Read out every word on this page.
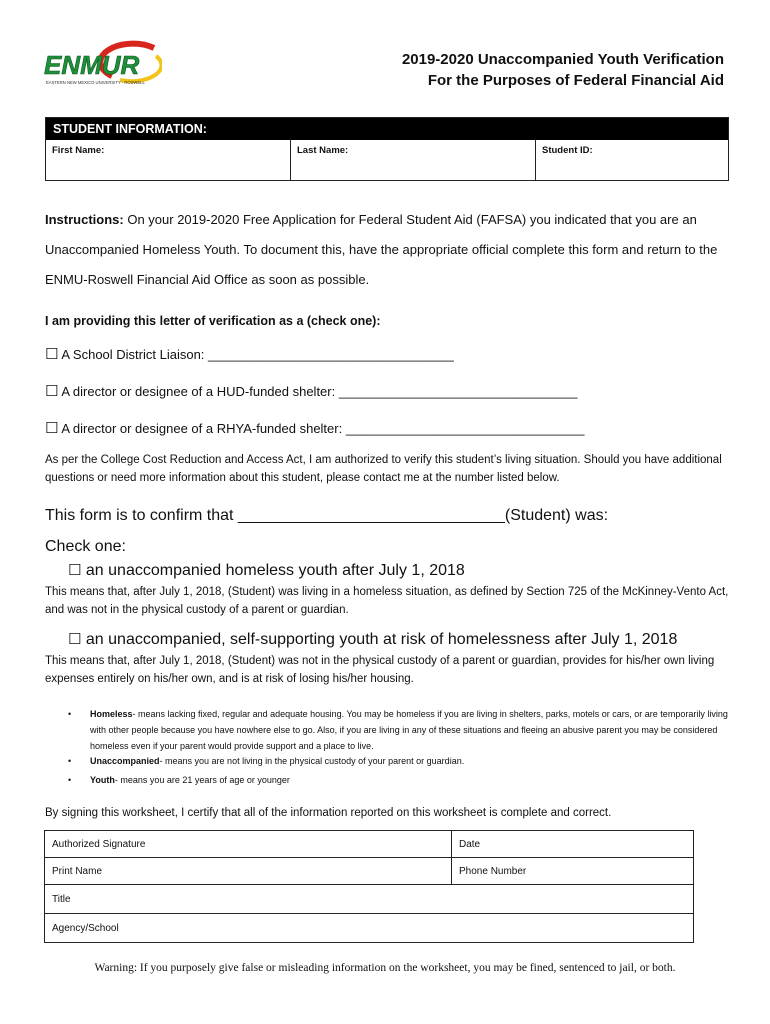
ENMUR
EASTERN NEW MEXICO UNIVERSITY · ROSWELL
2019-2020 Unaccompanied Youth Verification
For the Purposes of Federal Financial Aid
STUDENT INFORMATION:
First Name:	Last Name:	Student ID:
Instructions: On your 2019-2020 Free Application for Federal Student Aid (FAFSA) you indicated that you are an Unaccompanied Homeless Youth. To document this, have the appropriate official complete this form and return to the ENMU-Roswell Financial Aid Office as soon as possible.
I am providing this letter of verification as a (check one):
☐ A School District Liaison: __________________________________
☐ A director or designee of a HUD-funded shelter: _________________________________
☐ A director or designee of a RHYA-funded shelter: _________________________________
As per the College Cost Reduction and Access Act, I am authorized to verify this student’s living situation. Should you have additional questions or need more information about this student, please contact me at the number listed below.
This form is to confirm that ______________________________(Student) was:
Check one:
☐ an unaccompanied homeless youth after July 1, 2018
This means that, after July 1, 2018, (Student) was living in a homeless situation, as defined by Section 725 of the McKinney-Vento Act, and was not in the physical custody of a parent or guardian.
☐ an unaccompanied, self-supporting youth at risk of homelessness after July 1, 2018
This means that, after July 1, 2018, (Student) was not in the physical custody of a parent or guardian, provides for his/her own living expenses entirely on his/her own, and is at risk of losing his/her housing.
• Homeless- means lacking fixed, regular and adequate housing. You may be homeless if you are living in shelters, parks, motels or cars, or are temporarily living with other people because you have nowhere else to go. Also, if you are living in any of these situations and fleeing an abusive parent you may be considered homeless even if your parent would provide support and a place to live.
• Unaccompanied- means you are not living in the physical custody of your parent or guardian.
• Youth- means you are 21 years of age or younger
By signing this worksheet, I certify that all of the information reported on this worksheet is complete and correct.
Authorized Signature	Date
Print Name	Phone Number
Title	
Agency/School	
Warning: If you purposely give false or misleading information on the worksheet, you may be fined, sentenced to jail, or both.
